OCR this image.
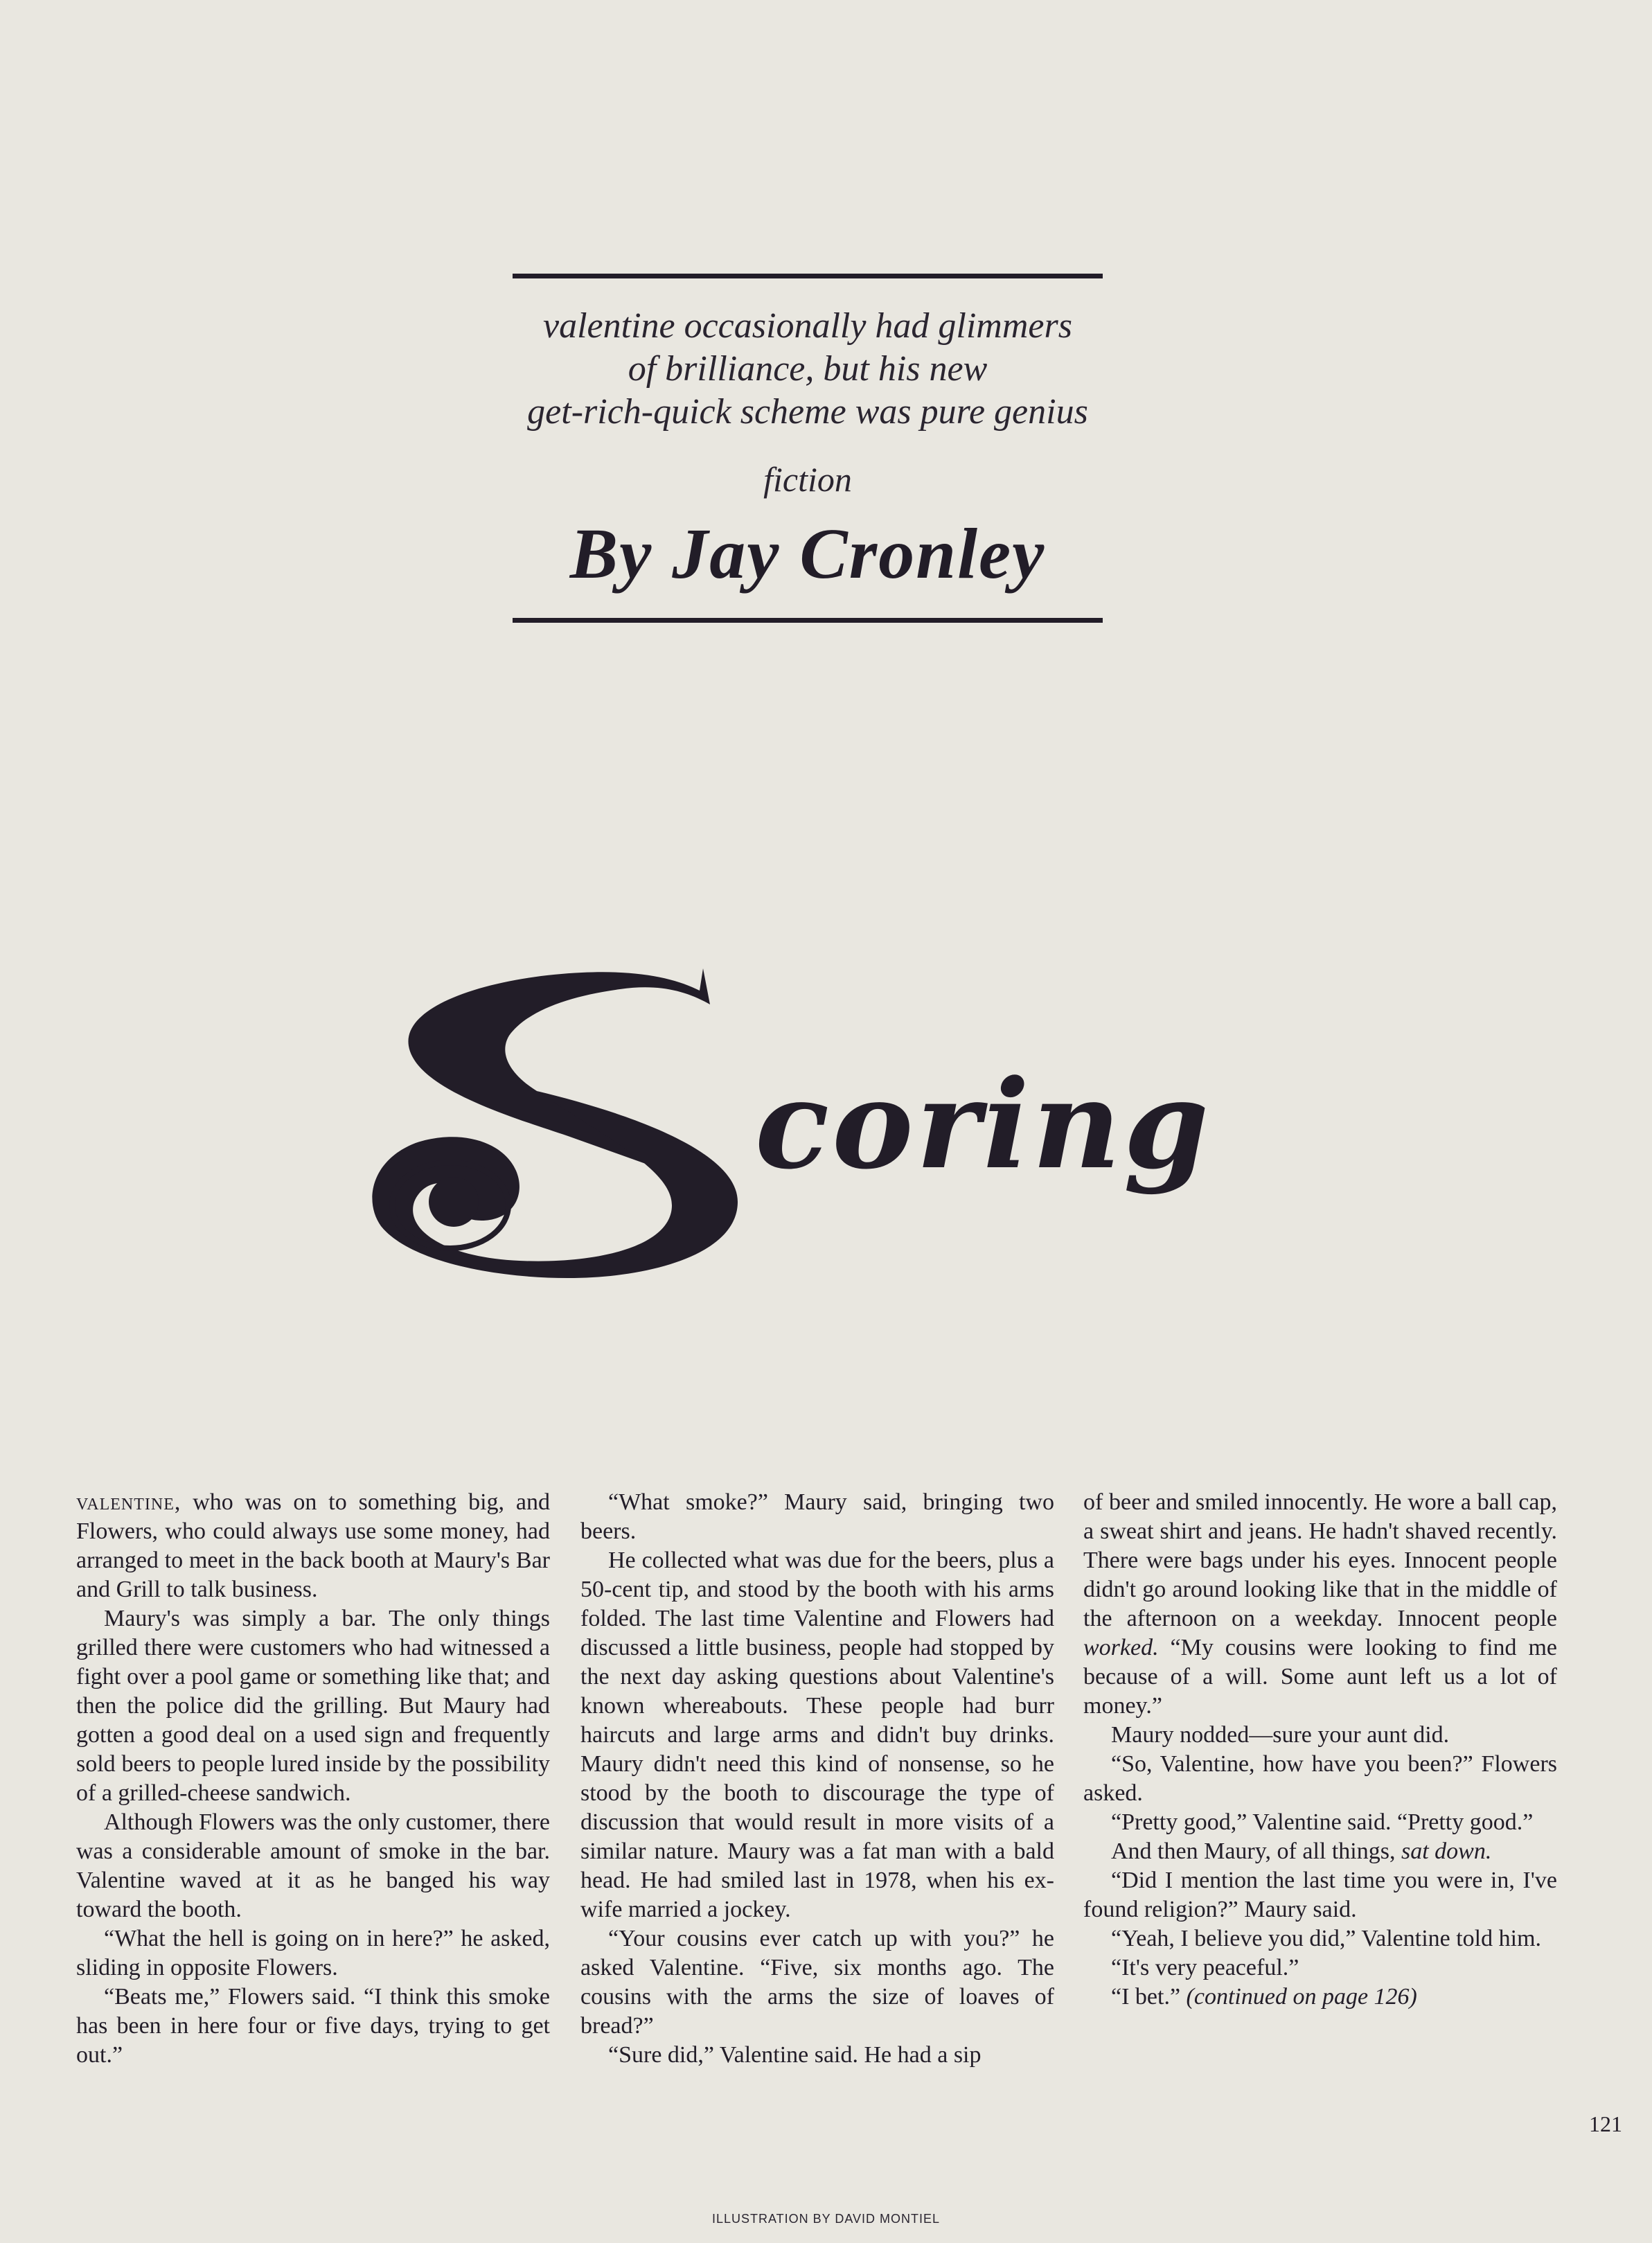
valentine occasionally had glimmers
of brilliance, but his new
get-rich-quick scheme was pure genius
fiction
By Jay Cronley
coring

valentine, who was on to something big, and Flowers, who could always use some money, had arranged to meet in the back booth at Maury's Bar and Grill to talk business.

Maury's was simply a bar. The only things grilled there were customers who had witnessed a fight over a pool game or something like that; and then the police did the grilling. But Maury had gotten a good deal on a used sign and frequently sold beers to people lured inside by the possibility of a grilled-cheese sandwich.

Although Flowers was the only customer, there was a considerable amount of smoke in the bar. Valentine waved at it as he banged his way toward the booth.

“What the hell is going on in here?” he asked, sliding in opposite Flowers.

“Beats me,” Flowers said. “I think this smoke has been in here four or five days, trying to get out.”

“What smoke?” Maury said, bringing two beers.

He collected what was due for the beers, plus a 50-cent tip, and stood by the booth with his arms folded. The last time Valentine and Flowers had discussed a little business, people had stopped by the next day asking questions about Valentine's known whereabouts. These people had burr haircuts and large arms and didn't buy drinks. Maury didn't need this kind of nonsense, so he stood by the booth to discourage the type of discussion that would result in more visits of a similar nature. Maury was a fat man with a bald head. He had smiled last in 1978, when his ex-wife married a jockey.

“Your cousins ever catch up with you?” he asked Valentine. “Five, six months ago. The cousins with the arms the size of loaves of bread?”

“Sure did,” Valentine said. He had a sip

of beer and smiled innocently. He wore a ball cap, a sweat shirt and jeans. He hadn't shaved recently. There were bags under his eyes. Innocent people didn't go around looking like that in the middle of the afternoon on a weekday. Innocent people worked. “My cousins were looking to find me because of a will. Some aunt left us a lot of money.”

Maury nodded—sure your aunt did.

“So, Valentine, how have you been?” Flowers asked.

“Pretty good,” Valentine said. “Pretty good.”

And then Maury, of all things, sat down.

“Did I mention the last time you were in, I've found religion?” Maury said.

“Yeah, I believe you did,” Valentine told him.

“It's very peaceful.”

“I bet.” (continued on page 126)

121
ILLUSTRATION BY DAVID MONTIEL
